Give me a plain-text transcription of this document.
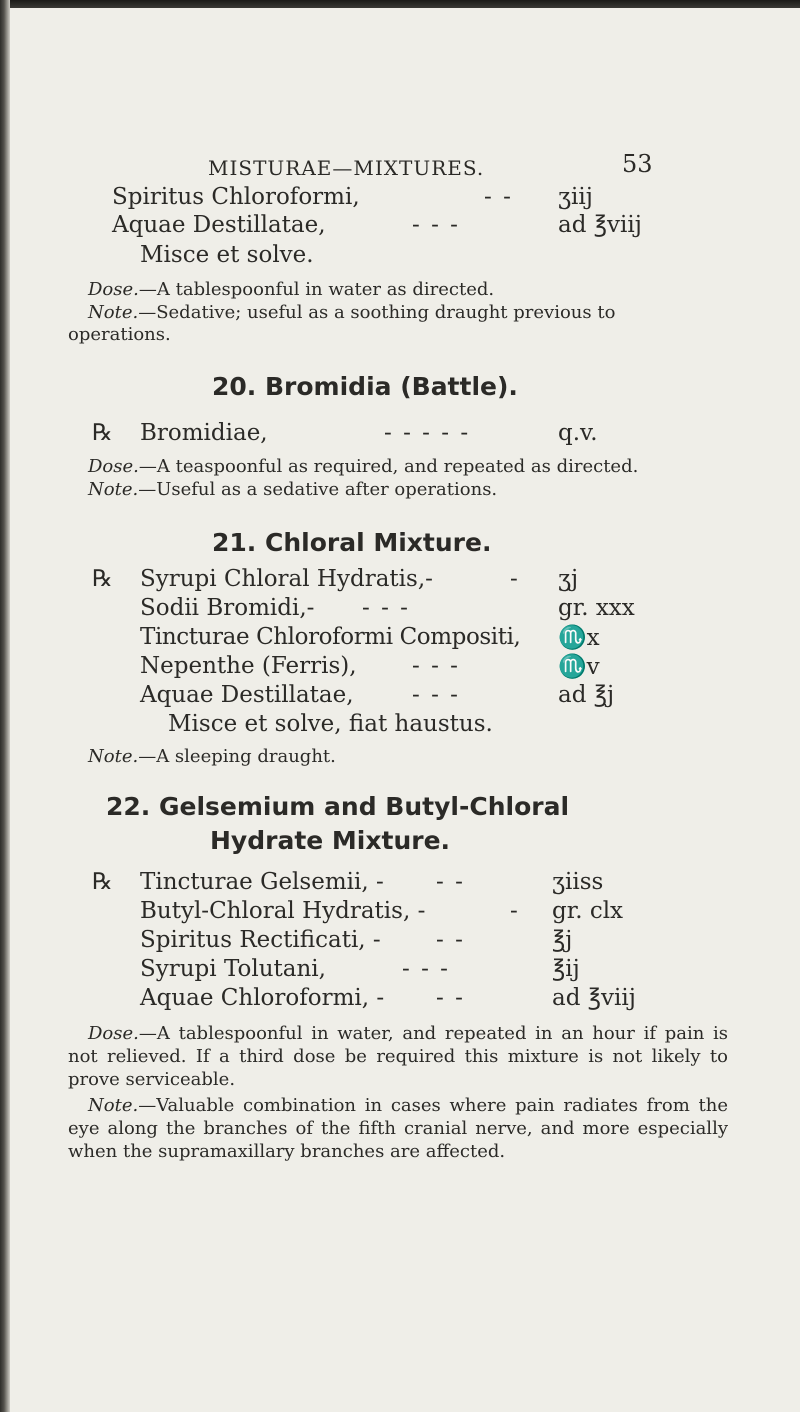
MISTURAE—MIXTURES.	53
Spiritus Chloroformi,	- - ʒiij
Aquae Destillatae,	- - -	ad ℥viij
Misce et solve.
Dose.—A tablespoonful in water as directed.
Note.—Sedative; useful as a soothing draught previous to
operations.
20. Bromidia (Battle).
℞ Bromidiae,	- - - - -	q.v.
Dose.—A teaspoonful as required, and repeated as directed.
Note.—Useful as a sedative after operations.
21. Chloral Mixture.
℞ Syrupi Chloral Hydratis,-	- ʒj
Sodii Bromidi,- - - -	gr. xxx
Tincturae Chloroformi Compositi, ♏x
Nepenthe (Ferris), - - -	♏v
Aquae Destillatae,	- - -	ad ℥j
Misce et solve, fiat haustus.
Note.—A sleeping draught.
22. Gelsemium and Butyl-Chloral
Hydrate Mixture.
℞ Tincturae Gelsemii, - - -	ʒiiss
Butyl-Chloral Hydratis, -	- gr. clx
Spiritus Rectificati, - - -	℥j
Syrupi Tolutani,	- - -	℥ij
Aquae Chloroformi, - - -	ad ℥viij
Dose.—A tablespoonful in water, and repeated in an hour if pain is not relieved. If a third dose be required this mixture is not likely to prove serviceable.
Note.—Valuable combination in cases where pain radiates from the eye along the branches of the fifth cranial nerve, and more especially when the supramaxillary branches are affected.
